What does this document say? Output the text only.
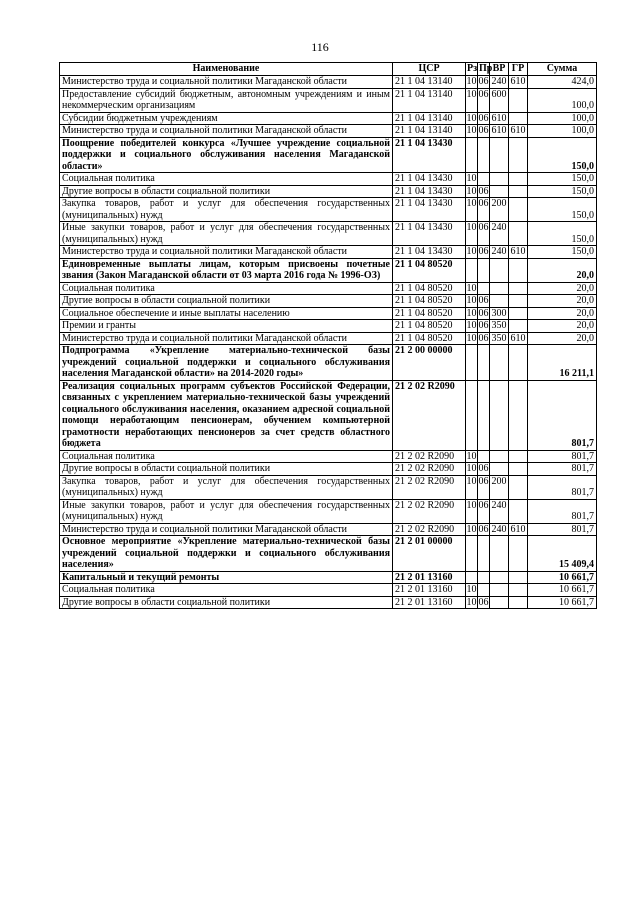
116
Наименование	ЦСР	Рз	Пр	ВР	ГР	Сумма
Министерство труда и социальной политики Магаданской области	21 1 04 13140	10	06	240	610	424,0
Предоставление субсидий бюджетным, автономным учреждениям и иным некоммерческим организациям	21 1 04 13140	10	06	600		100,0
Субсидии бюджетным учреждениям	21 1 04 13140	10	06	610		100,0
Министерство труда и социальной политики Магаданской области	21 1 04 13140	10	06	610	610	100,0
Поощрение победителей конкурса «Лучшее учреждение социальной поддержки и социального обслуживания населения Магаданской области»	21 1 04 13430					150,0
Социальная политика	21 1 04 13430	10				150,0
Другие вопросы в области социальной политики	21 1 04 13430	10	06			150,0
Закупка товаров, работ и услуг для обеспечения государственных (муниципальных) нужд	21 1 04 13430	10	06	200		150,0
Иные закупки товаров, работ и услуг для обеспечения государственных (муниципальных) нужд	21 1 04 13430	10	06	240		150,0
Министерство труда и социальной политики Магаданской области	21 1 04 13430	10	06	240	610	150,0
Единовременные выплаты лицам, которым присвоены почетные звания (Закон Магаданской области от 03 марта 2016 года № 1996-ОЗ)	21 1 04 80520					20,0
Социальная политика	21 1 04 80520	10				20,0
Другие вопросы в области социальной политики	21 1 04 80520	10	06			20,0
Социальное обеспечение и иные выплаты населению	21 1 04 80520	10	06	300		20,0
Премии и гранты	21 1 04 80520	10	06	350		20,0
Министерство труда и социальной политики Магаданской области	21 1 04 80520	10	06	350	610	20,0
Подпрограмма «Укрепление материально-технической базы учреждений социальной поддержки и социального обслуживания населения Магаданской области» на 2014-2020 годы»	21 2 00 00000					16 211,1
Реализация социальных программ субъектов Российской Федерации, связанных с укреплением материально-технической базы учреждений социального обслуживания населения, оказанием адресной социальной помощи неработающим пенсионерам, обучением компьютерной грамотности неработающих пенсионеров за счет средств областного бюджета	21 2 02 R2090					801,7
Социальная политика	21 2 02 R2090	10				801,7
Другие вопросы в области социальной политики	21 2 02 R2090	10	06			801,7
Закупка товаров, работ и услуг для обеспечения государственных (муниципальных) нужд	21 2 02 R2090	10	06	200		801,7
Иные закупки товаров, работ и услуг для обеспечения государственных (муниципальных) нужд	21 2 02 R2090	10	06	240		801,7
Министерство труда и социальной политики Магаданской области	21 2 02 R2090	10	06	240	610	801,7
Основное мероприятие «Укрепление материально-технической базы учреждений социальной поддержки и социального обслуживания населения»	21 2 01 00000					15 409,4
Капитальный и текущий ремонты	21 2 01 13160					10 661,7
Социальная политика	21 2 01 13160	10				10 661,7
Другие вопросы в области социальной политики	21 2 01 13160	10	06			10 661,7
